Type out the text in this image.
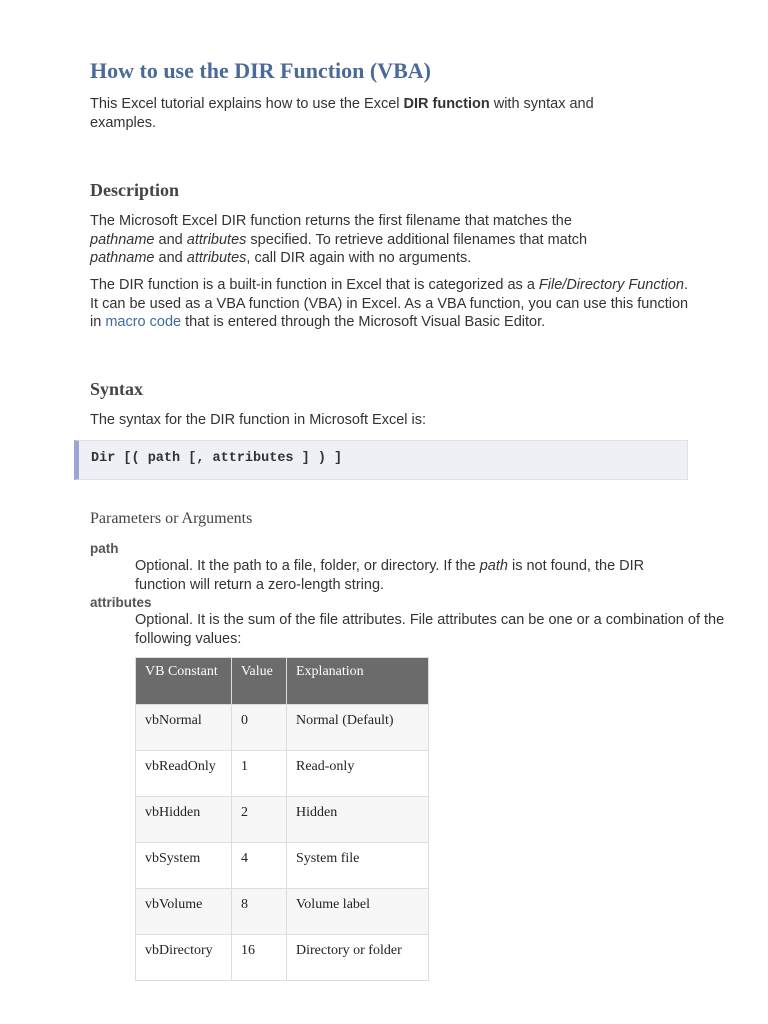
How to use the DIR Function (VBA)

This Excel tutorial explains how to use the Excel DIR function with syntax and examples.

Description

The Microsoft Excel DIR function returns the first filename that matches the pathname and attributes specified. To retrieve additional filenames that match pathname and attributes, call DIR again with no arguments.

The DIR function is a built-in function in Excel that is categorized as a File/Directory Function. It can be used as a VBA function (VBA) in Excel. As a VBA function, you can use this function in macro code that is entered through the Microsoft Visual Basic Editor.

Syntax

The syntax for the DIR function in Microsoft Excel is:

Dir [( path [, attributes ] ) ]
Parameters or Arguments
path

Optional. It the path to a file, folder, or directory. If the path is not found, the DIR function will return a zero-length string.

attributes

Optional. It is the sum of the file attributes. File attributes can be one or a combination of the following values:

VB Constant	Value	Explanation
vbNormal	0	Normal (Default)
vbReadOnly	1	Read-only
vbHidden	2	Hidden
vbSystem	4	System file
vbVolume	8	Volume label
vbDirectory	16	Directory or folder
